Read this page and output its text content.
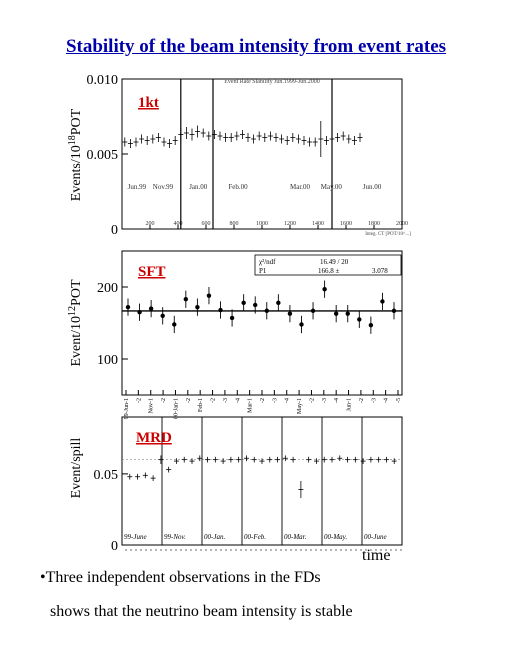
Stability of the beam intensity from event rates
Event Rate Stability Jun.1999-Jun.2000
0
0.005
0.010
200	400	600	800	1000	1200	1400	1600	1800	2000
Integ. CT [POT/10^...]
Jun.99 Nov.99 Jan.00	Feb.00	Mar.00 May.00	Jun.00
Events/$10^{18}POT$
1kt
100
200
χ²/ndf	16.49 / 20
P1	166.8 ±	3.078
99-Jun-1 -2 Nov-1 -2 00-Jan-1 -2 Feb-1 -2 -3 -4 Mar-1 -2 -3 -4 May-1 -2 -3 -4 Jun-1 -2 -3 -4 -5
Event/$10^{12}POT$
SFT
0
0.05
99-June 99-Nov.	00-Jan.	00-Feb.	00-Mar.	00-May. 00-June
Event/spill	MRD
time
•Three independent observations in the FDs
shows that the neutrino beam intensity is stable
